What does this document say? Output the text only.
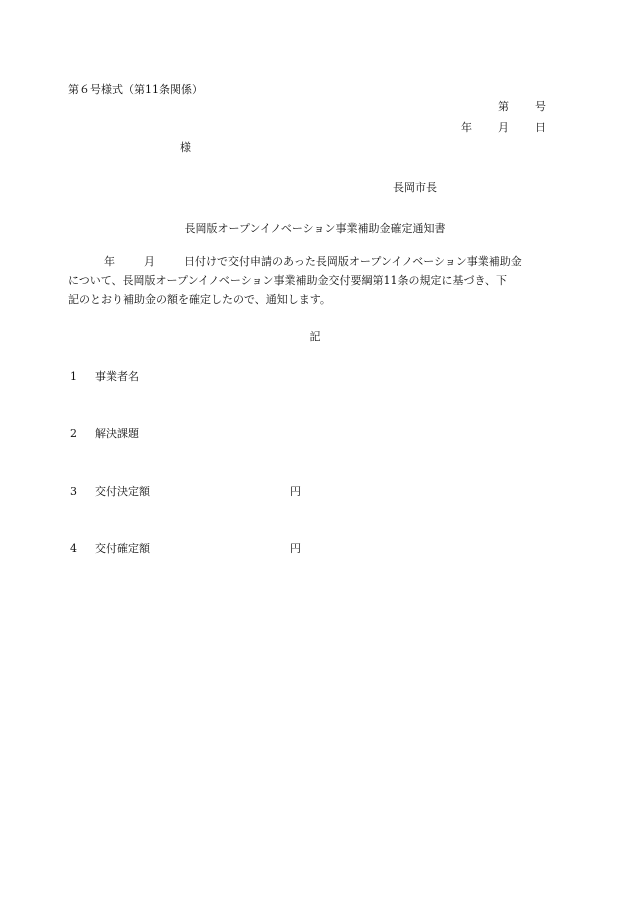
第６号様式（第11条関係）
第 号
年 月 日
様
長岡市長
長岡版オープンイノベーション事業補助金確定通知書
年	月	日付けで交付申請のあった長岡版オープンイノベーション事業補助金
について、長岡版オープンイノベーション事業補助金交付要綱第11条の規定に基づき、下
記のとおり補助金の額を確定したので、通知します。
記
1 事業者名
2 解決課題
3 交付決定額	円
4 交付確定額	円
